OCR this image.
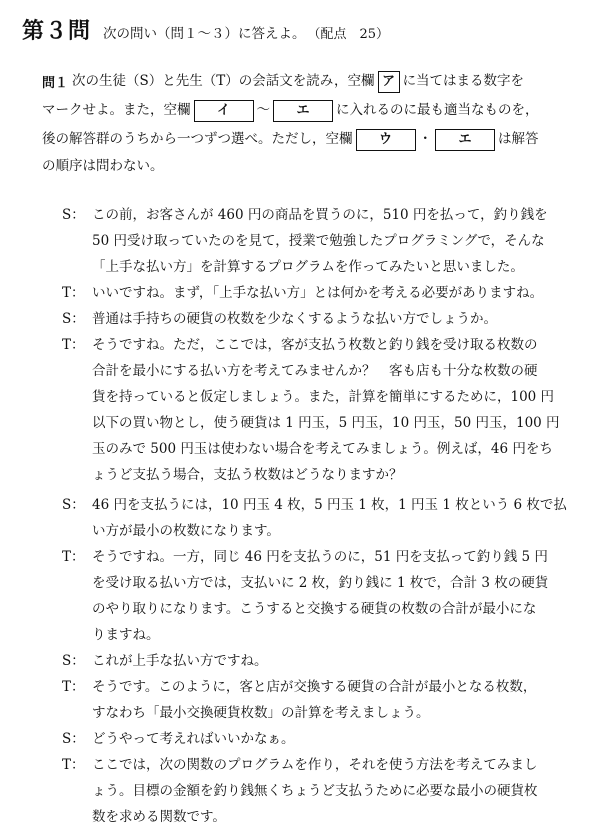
第３問 次の問い（問１～３）に答えよ。 （配点　25）
問１ 次の生徒（S）と先生（T）の会話文を読み，空欄 ア に当てはまる数字を
マークせよ。また，空欄 イ ～ エ に入れるのに最も適当なものを，
後の解答群のうちから一つずつ選べ。ただし，空欄 ウ ・ エ は解答
の順序は問わない。
S： この前，お客さんが 460 円の商品を買うのに，510 円を払って，釣り銭を
50 円受け取っていたのを見て，授業で勉強したプログラミングで，そんな
「上手な払い方」を計算するプログラムを作ってみたいと思いました。
T： いいですね。まず，「上手な払い方」とは何かを考える必要がありますね。
S： 普通は手持ちの硬貨の枚数を少なくするような払い方でしょうか。
T： そうですね。ただ，ここでは，客が支払う枚数と釣り銭を受け取る枚数の
合計を最小にする払い方を考えてみませんか？　客も店も十分な枚数の硬
貨を持っていると仮定しましょう。また，計算を簡単にするために，100 円
以下の買い物とし，使う硬貨は 1 円玉，5 円玉，10 円玉，50 円玉，100 円
玉のみで 500 円玉は使わない場合を考えてみましょう。例えば，46 円をち
ょうど支払う場合，支払う枚数はどうなりますか？
S： 46 円を支払うには，10 円玉 4 枚，5 円玉 1 枚，1 円玉 1 枚という 6 枚で払
い方が最小の枚数になります。
T： そうですね。一方，同じ 46 円を支払うのに，51 円を支払って釣り銭 5 円
を受け取る払い方では，支払いに 2 枚，釣り銭に 1 枚で，合計 3 枚の硬貨
のやり取りになります。こうすると交換する硬貨の枚数の合計が最小にな
りますね。
S： これが上手な払い方ですね。
T： そうです。このように，客と店が交換する硬貨の合計が最小となる枚数，
すなわち「最小交換硬貨枚数」の計算を考えましょう。
S： どうやって考えればいいかなぁ。
T： ここでは，次の関数のプログラムを作り，それを使う方法を考えてみまし
ょう。目標の金額を釣り銭無くちょうど支払うために必要な最小の硬貨枚
数を求める関数です。
